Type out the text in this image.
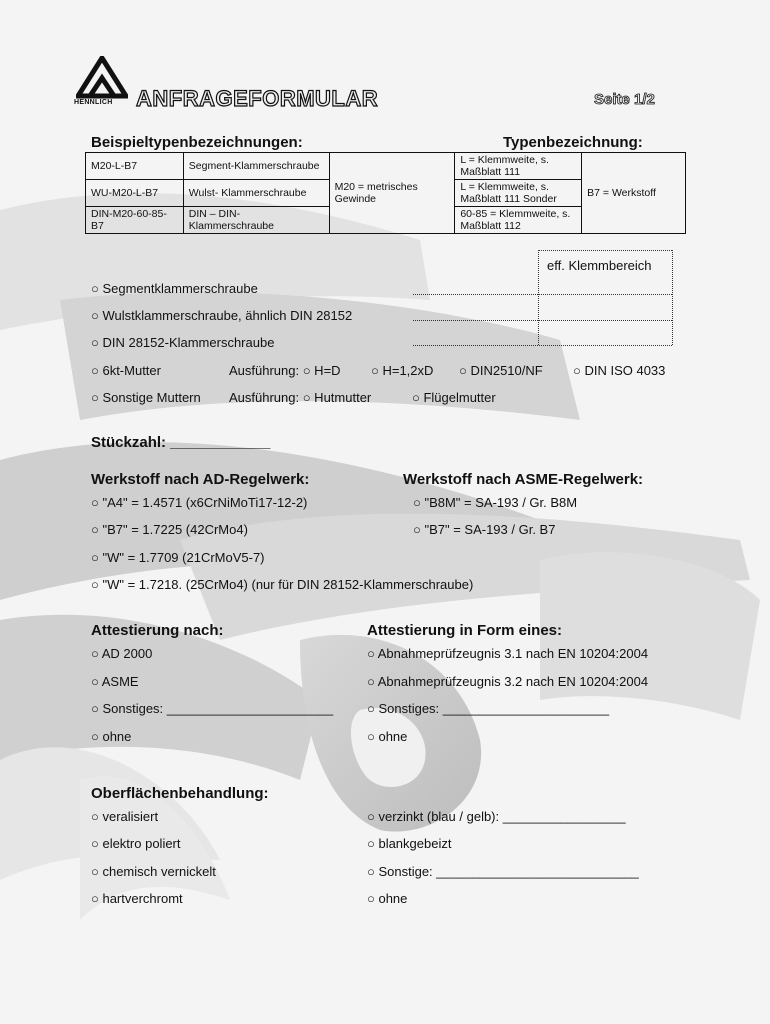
HENNLICH ANFRAGEFORMULAR	Seite 1/2
Beispieltypenbezeichnungen:	Typenbezeichnung:
M20-L-B7	Segment-Klammerschraube	M20 = metrisches Gewinde	L = Klemmweite, s. Maßblatt 111	B7 = Werkstoff
WU-M20-L-B7	Wulst- Klammerschraube		L = Klemmweite, s. Maßblatt 111 Sonder	
DIN-M20-60-85-B7	DIN – DIN-Klammerschraube		60-85 = Klemmweite, s. Maßblatt 112	
eff. Klemmbereich
○ Segmentklammerschraube
○ Wulstklammerschraube, ähnlich DIN 28152
○ DIN 28152-Klammerschraube
○ 6kt-Mutter	Ausführung: ○ H=D ○ H=1,2xD ○ DIN2510/NF ○ DIN ISO 4033
○ Sonstige Muttern Ausführung: ○ Hutmutter	○ Flügelmutter
Stückzahl: ____________
Werkstoff nach AD-Regelwerk:	Werkstoff nach ASME-Regelwerk:
○ "A4" = 1.4571 (x6CrNiMoTi17-12-2)	○ "B8M" = SA-193 / Gr. B8M
○ "B7" = 1.7225 (42CrMo4)	○ "B7" = SA-193 / Gr. B7
○ "W" = 1.7709 (21CrMoV5-7)
○ "W" = 1.7218. (25CrMo4) (nur für DIN 28152-Klammerschraube)
Attestierung nach:	Attestierung in Form eines:
○ AD 2000	○ Abnahmeprüfzeugnis 3.1 nach EN 10204:2004
○ ASME	○ Abnahmeprüfzeugnis 3.2 nach EN 10204:2004
○ Sonstiges: _______________________	○ Sonstiges: _______________________
○ ohne	○ ohne
Oberflächenbehandlung:
○ veralisiert	○ verzinkt (blau / gelb): _________________
○ elektro poliert	○ blankgebeizt
○ chemisch vernickelt	○ Sonstige: ____________________________
○ hartverchromt	○ ohne
